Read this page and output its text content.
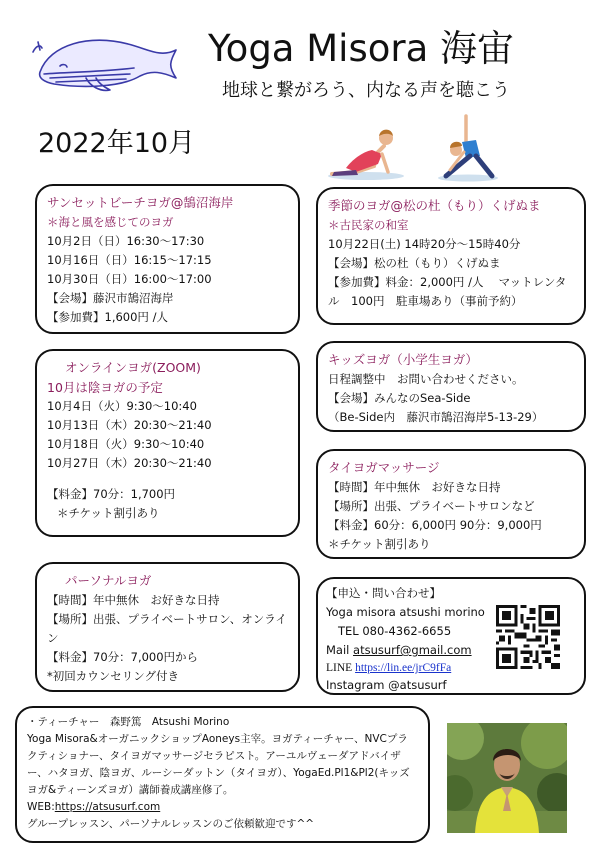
Yoga Misora 海宙
地球と繋がろう、内なる声を聴こう
2022年10月
サンセットビーチヨガ@鵠沼海岸
＊海と風を感じてのヨガ
10月2日（日）16:30〜17:30
10月16日（日）16:15〜17:15
10月30日（日）16:00〜17:00
【会場】藤沢市鵠沼海岸
【参加費】1,600円 /人
オンラインヨガ(ZOOM)
10月は陰ヨガの予定
10月4日（火）9:30〜10:40
10月13日（木）20:30〜21:40
10月18日（火）9:30〜10:40
10月27日（木）20:30〜21:40
【料金】70分：1,700円
＊チケット割引あり
パーソナルヨガ
【時間】年中無休　お好きな日持
【場所】出張、プライベートサロン、オンライン
【料金】70分：7,000円から
*初回カウンセリング付き
季節のヨガ@松の杜（もり）くげぬま
＊古民家の和室
10月22日(土) 14時20分〜15時40分
【会場】松の杜（もり）くげぬま
【参加費】料金：2,000円 /人　 マットレンタル　100円　駐車場あり（事前予約）
キッズヨガ（小学生ヨガ）
日程調整中　お問い合わせください。
【会場】みんなのSea-Side
（Be-Side内　藤沢市鵠沼海岸5-13-29）
タイヨガマッサージ
【時間】年中無休　お好きな日持
【場所】出張、プライベートサロンなど
【料金】60分：6,000円 90分：9,000円
＊チケット割引あり
【申込・問い合わせ】
Yoga misora atsushi morino
TEL 080-4362-6655
Mail atsusurf@gmail.com
LINE https://lin.ee/jrC9fFa
Instagram @atsusurf
・ティーチャー　森野篤　Atsushi Morino
Yoga Misora&オーガニックショップAoneys主宰。ヨガティーチャー、NVCプラクティショナー、タイヨガマッサージセラピスト。アーユルヴェーダアドバイザー、ハタヨガ、陰ヨガ、ルーシーダットン（タイヨガ）、YogaEd.Pl1&Pl2(キッズヨガ&ティーンズヨガ）講師養成講座修了。
WEB:https://atsusurf.com
グループレッスン、パーソナルレッスンのご依頼歓迎です^^
